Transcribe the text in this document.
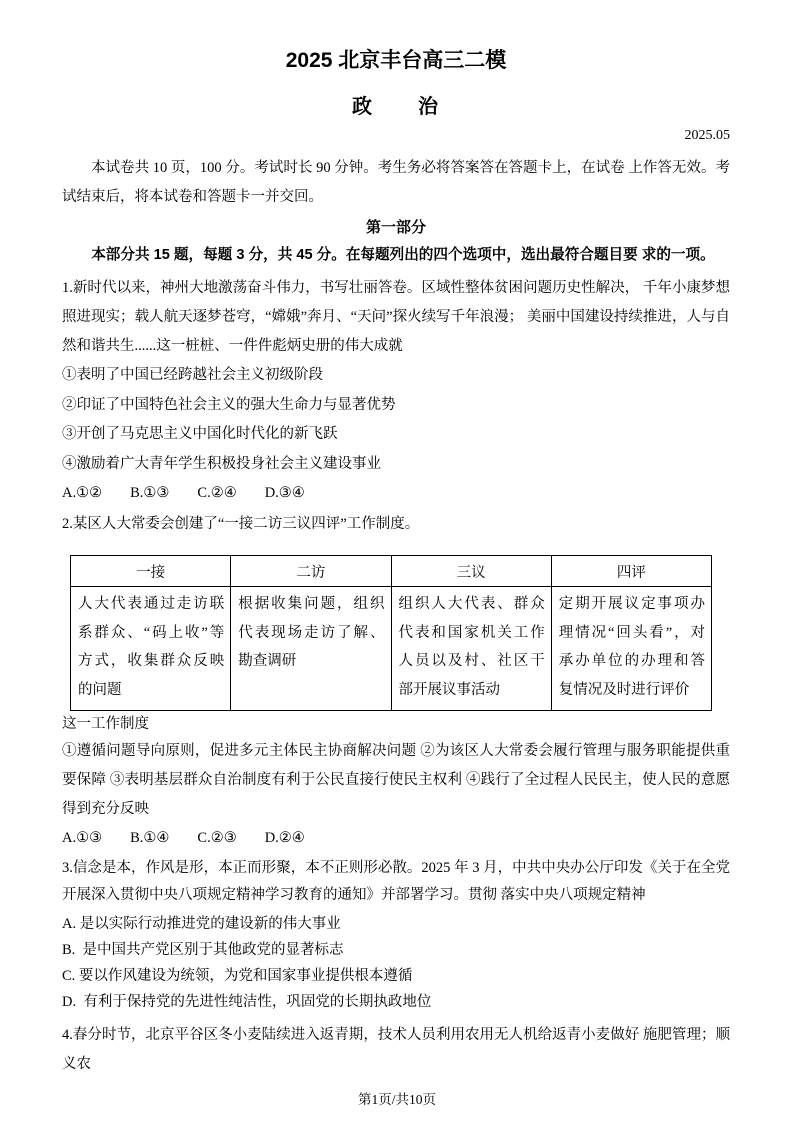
2025 北京丰台高三二模
政　　治
2025.05

本试卷共 10 页，100 分。考试时长 90 分钟。考生务必将答案答在答题卡上，在试卷 上作答无效。考试结束后，将本试卷和答题卡一并交回。

第一部分

本部分共 15 题，每题 3 分，共 45 分。在每题列出的四个选项中，选出最符合题目要 求的一项。

1.新时代以来，神州大地激荡奋斗伟力，书写壮丽答卷。区域性整体贫困问题历史性解决， 千年小康梦想照进现实；载人航天逐梦苍穹，“嫦娥”奔月、“天问”探火续写千年浪漫； 美丽中国建设持续推进，人与自然和谐共生......这一桩桩、一件件彪炳史册的伟大成就

①表明了中国已经跨越社会主义初级阶段

②印证了中国特色社会主义的强大生命力与显著优势

③开创了马克思主义中国化时代化的新飞跃

④激励着广大青年学生积极投身社会主义建设事业

A.①② B.①③ C.②④ D.③④

2.某区人大常委会创建了“一接二访三议四评”工作制度。

一接	二访	三议	四评
人大代表通过走访联 系群众、“码上收”等 方式，收集群众反映 的问题	根据收集问题，组织 代表现场走访了解、 勘查调研	组织人大代表、群众 代表和国家机关工作 人员以及村、社区干 部开展议事活动	定期开展议定事项办 理情况“回头看”，对 承办单位的办理和答 复情况及时进行评价

这一工作制度

①遵循问题导向原则，促进多元主体民主协商解决问题 ②为该区人大常委会履行管理与服务职能提供重要保障 ③表明基层群众自治制度有利于公民直接行使民主权利 ④践行了全过程人民民主，使人民的意愿得到充分反映

A.①③ B.①④ C.②③ D.②④

3.信念是本，作风是形，本正而形聚，本不正则形必散。2025 年 3 月，中共中央办公厅印发《关于在全党开展深入贯彻中央八项规定精神学习教育的通知》并部署学习。贯彻 落实中央八项规定精神

A. 是以实际行动推进党的建设新的伟大事业

B.  是中国共产党区别于其他政党的显著标志

C. 要以作风建设为统领，为党和国家事业提供根本遵循

D.  有利于保持党的先进性纯洁性，巩固党的长期执政地位

4.春分时节，北京平谷区冬小麦陆续进入返青期，技术人员利用农用无人机给返青小麦做好 施肥管理；顺义农

第1页/共10页
